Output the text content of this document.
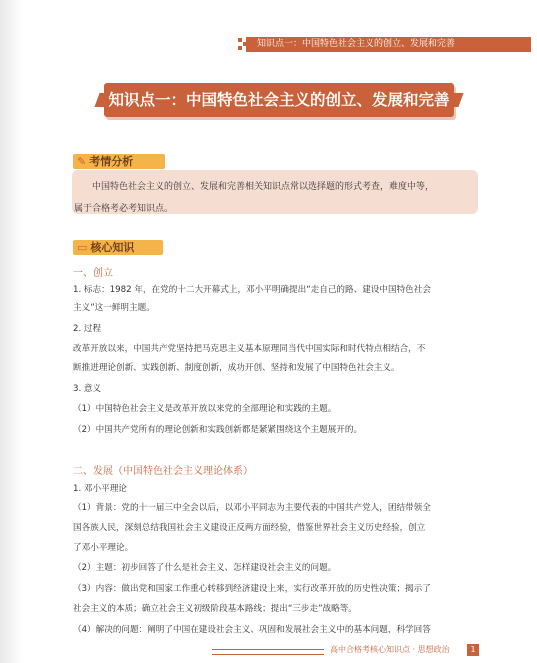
知识点一：中国特色社会主义的创立、发展和完善
知识点一：中国特色社会主义的创立、发展和完善
✎ 考情分析
中国特色社会主义的创立、发展和完善相关知识点常以选择题的形式考查，难度中等，
属于合格考必考知识点。
▭ 核心知识
一、创立
1. 标志：1982 年，在党的十二大开幕式上，邓小平明确提出“走自己的路、建设中国特色社会
主义”这一鲜明主题。
2. 过程
改革开放以来，中国共产党坚持把马克思主义基本原理同当代中国实际和时代特点相结合，不
断推进理论创新、实践创新、制度创新，成功开创、坚持和发展了中国特色社会主义。
3. 意义
（1）中国特色社会主义是改革开放以来党的全部理论和实践的主题。
（2）中国共产党所有的理论创新和实践创新都是紧紧围绕这个主题展开的。
二、发展（中国特色社会主义理论体系）
1. 邓小平理论
（1）背景：党的十一届三中全会以后，以邓小平同志为主要代表的中国共产党人，团结带领全
国各族人民，深刻总结我国社会主义建设正反两方面经验，借鉴世界社会主义历史经验，创立
了邓小平理论。
（2）主题：初步回答了什么是社会主义、怎样建设社会主义的问题。
（3）内容：做出党和国家工作重心转移到经济建设上来，实行改革开放的历史性决策；揭示了
社会主义的本质；确立社会主义初级阶段基本路线；提出“三步走”战略等。
（4）解决的问题：阐明了中国在建设社会主义、巩固和发展社会主义中的基本问题，科学回答
高中合格考核心知识点 · 思想政治	1
